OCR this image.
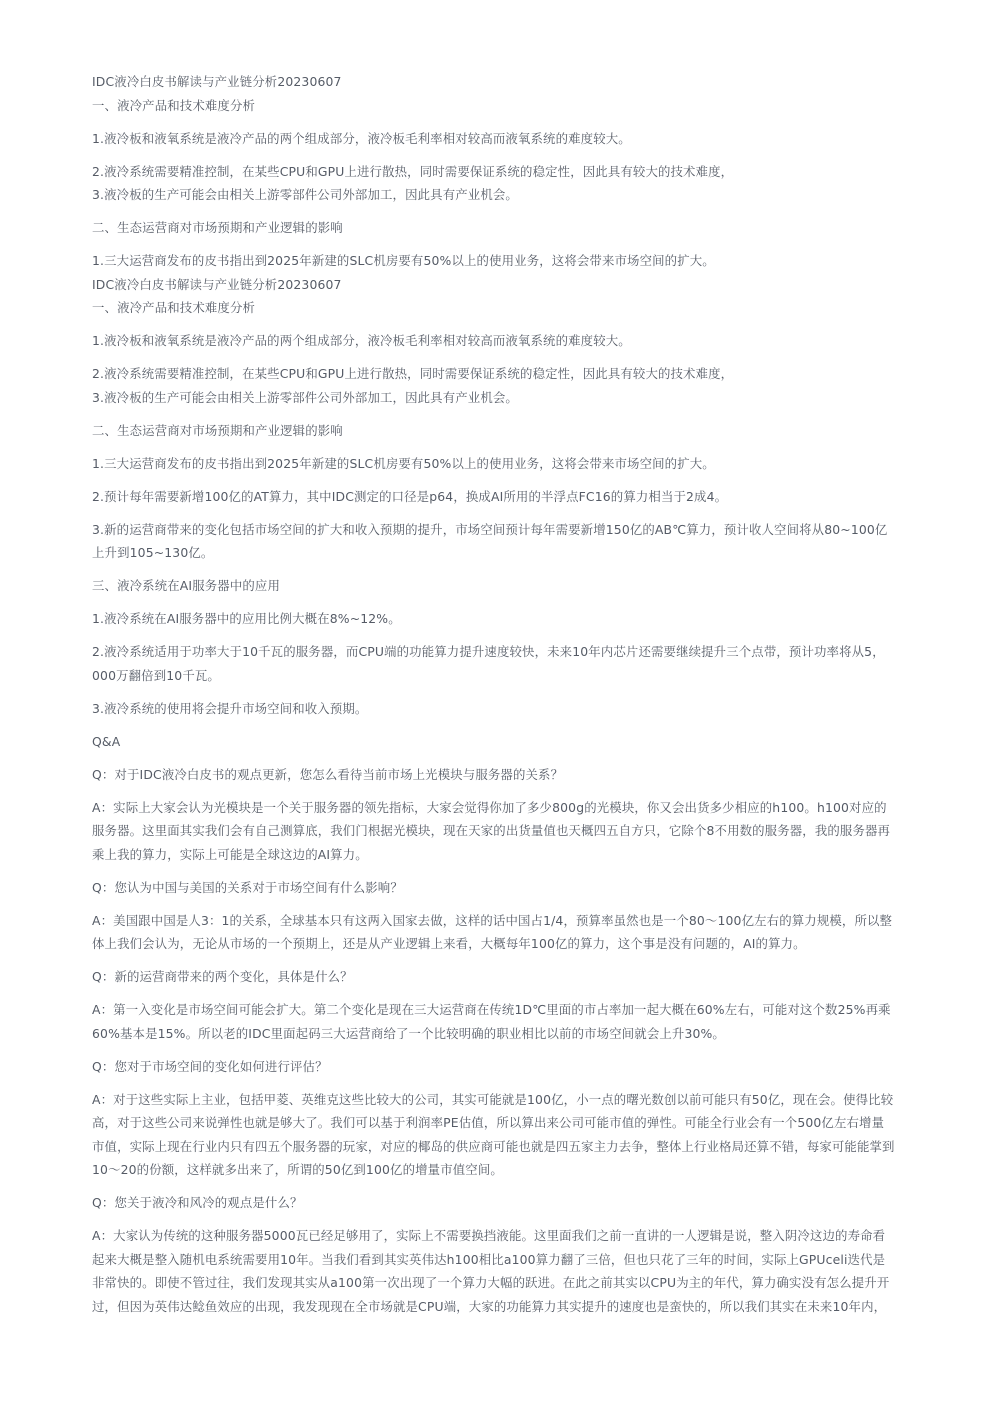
IDC液冷白皮书解读与产业链分析20230607

一、液冷产品和技术难度分析

1.液冷板和液氧系统是液冷产品的两个组成部分，液冷板毛利率相对较高而液氧系统的难度较大。

2.液冷系统需要精准控制，在某些CPU和GPU上进行散热，同时需要保证系统的稳定性，因此具有较大的技术难度，

3.液冷板的生产可能会由相关上游零部件公司外部加工，因此具有产业机会。

二、生态运营商对市场预期和产业逻辑的影响

1.三大运营商发布的皮书指出到2025年新建的SLC机房要有50%以上的使用业务，这将会带来市场空间的扩大。

IDC液冷白皮书解读与产业链分析20230607

一、液冷产品和技术难度分析

1.液冷板和液氧系统是液冷产品的两个组成部分，液冷板毛利率相对较高而液氧系统的难度较大。

2.液冷系统需要精准控制，在某些CPU和GPU上进行散热，同时需要保证系统的稳定性，因此具有较大的技术难度，

3.液冷板的生产可能会由相关上游零部件公司外部加工，因此具有产业机会。

二、生态运营商对市场预期和产业逻辑的影响

1.三大运营商发布的皮书指出到2025年新建的SLC机房要有50%以上的使用业务，这将会带来市场空间的扩大。

2.预计每年需要新增100亿的AT算力，其中IDC测定的口径是p64，换成AI所用的半浮点FC16的算力相当于2成4。

3.新的运营商带来的变化包括市场空间的扩大和收入预期的提升，市场空间预计每年需要新增150亿的AB℃算力，预计收人空间将从80~100亿

上升到105~130亿。

三、液冷系统在AI服务器中的应用

1.液冷系统在AI服务器中的应用比例大概在8%~12%。

2.液冷系统适用于功率大于10千瓦的服务器，而CPU端的功能算力提升速度较快，未来10年内芯片还需要继续提升三个点带，预计功率将从5，

000万翻倍到10千瓦。

3.液冷系统的使用将会提升市场空间和收入预期。

Q&A

Q：对于IDC液冷白皮书的观点更新，您怎么看待当前市场上光模块与服务器的关系？

A：实际上大家会认为光模块是一个关于服务器的领先指标，大家会觉得你加了多少800g的光模块，你又会出货多少相应的h100。h100对应的

服务器。这里面其实我们会有自己测算底，我们门根据光模块，现在天家的出货量值也天概四五自方只，它除个8不用数的服务器，我的服务器再

乘上我的算力，实际上可能是全球这边的AI算力。

Q：您认为中国与美国的关系对于市场空间有什么影响？

A：美国跟中国是人3：1的关系，全球基本只有这两入国家去做，这样的话中国占1/4，预算率虽然也是一个80～100亿左右的算力规模，所以整

体上我们会认为，无论从市场的一个预期上，还是从产业逻辑上来看，大概每年100亿的算力，这个事是没有问题的，AI的算力。

Q：新的运营商带来的两个变化，具体是什么？

A：第一入变化是市场空间可能会扩大。第二个变化是现在三大运营商在传统1D℃里面的市占率加一起大概在60%左右，可能对这个数25%再乘

60%基本是15%。所以老的IDC里面起码三大运营商给了一个比较明确的职业相比以前的市场空间就会上升30%。

Q：您对于市场空间的变化如何进行评估？

A：对于这些实际上主业，包括甲菱、英维克这些比较大的公司，其实可能就是100亿，小一点的曙光数创以前可能只有50亿，现在会。使得比较

高，对于这些公司来说弹性也就是够大了。我们可以基于利润率PE估值，所以算出来公司可能市值的弹性。可能全行业会有一个500亿左右增量

市值，实际上现在行业内只有四五个服务器的玩家，对应的椰岛的供应商可能也就是四五家主力去争，整体上行业格局还算不错，每家可能能掌到

10～20的份额，这样就多出来了，所谓的50亿到100亿的增量市值空间。

Q：您关于液冷和风冷的观点是什么？

A：大家认为传统的这种服务器5000瓦已经足够用了，实际上不需要换挡液能。这里面我们之前一直讲的一人逻辑是说，整入阴冷这边的寿命看

起来大概是整入随机电系统需要用10年。当我们看到其实英伟达h100相比a100算力翻了三倍，但也只花了三年的时间，实际上GPUceli迭代是

非常快的。即使不管过往，我们发现其实从a100第一次出现了一个算力大幅的跃进。在此之前其实以CPU为主的年代，算力确实没有怎么提升开

过，但因为英伟达鲶鱼效应的出现，我发现现在全市场就是CPU端，大家的功能算力其实提升的速度也是蛮快的，所以我们其实在未来10年内，
